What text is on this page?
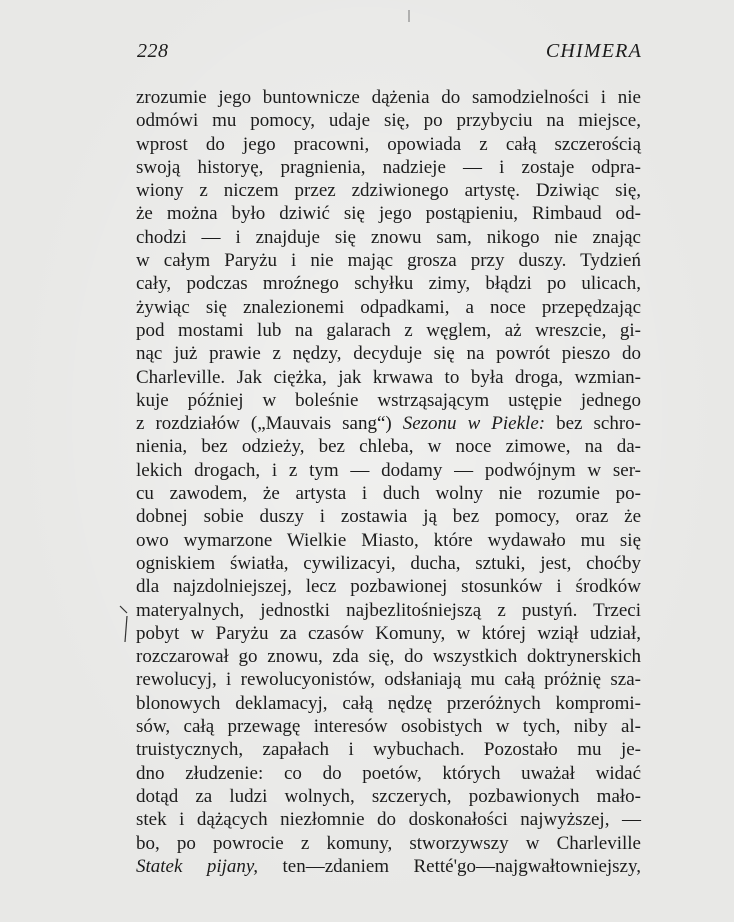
228	CHIMERA
zrozumie jego buntownicze dążenia do samodzielności i nie
odmówi mu pomocy, udaje się, po przybyciu na miejsce,
wprost do jego pracowni, opowiada z całą szczerością
swoją historyę, pragnienia, nadzieje — i zostaje odpra-
wiony z niczem przez zdziwionego artystę. Dziwiąc się,
że można było dziwić się jego postąpieniu, Rimbaud od-
chodzi — i znajduje się znowu sam, nikogo nie znając
w całym Paryżu i nie mając grosza przy duszy. Tydzień
cały, podczas mroźnego schyłku zimy, błądzi po ulicach,
żywiąc się znalezionemi odpadkami, a noce przepędzając
pod mostami lub na galarach z węglem, aż wreszcie, gi-
nąc już prawie z nędzy, decyduje się na powrót pieszo do
Charleville. Jak ciężka, jak krwawa to była droga, wzmian-
kuje później w boleśnie wstrząsającym ustępie jednego
z rozdziałów („Mauvais sang“) Sezonu w Piekle: bez schro-
nienia, bez odzieży, bez chleba, w noce zimowe, na da-
lekich drogach, i z tym — dodamy — podwójnym w ser-
cu zawodem, że artysta i duch wolny nie rozumie po-
dobnej sobie duszy i zostawia ją bez pomocy, oraz że
owo wymarzone Wielkie Miasto, które wydawało mu się
ogniskiem światła, cywilizacyi, ducha, sztuki, jest, choćby
dla najzdolniejszej, lecz pozbawionej stosunków i środków
materyalnych, jednostki najbezlitośniejszą z pustyń. Trzeci
pobyt w Paryżu za czasów Komuny, w której wziął udział,
rozczarował go znowu, zda się, do wszystkich doktrynerskich
rewolucyj, i rewolucyonistów, odsłaniają mu całą próżnię sza-
blonowych deklamacyj, całą nędzę przeróżnych kompromi-
sów, całą przewagę interesów osobistych w tych, niby al-
truistycznych, zapałach i wybuchach. Pozostało mu je-
dno złudzenie: co do poetów, których uważał widać
dotąd za ludzi wolnych, szczerych, pozbawionych mało-
stek i dążących niezłomnie do doskonałości najwyższej, —
bo, po powrocie z komuny, stworzywszy w Charleville
Statek pijany, ten—zdaniem Retté'go—najgwałtowniejszy,
